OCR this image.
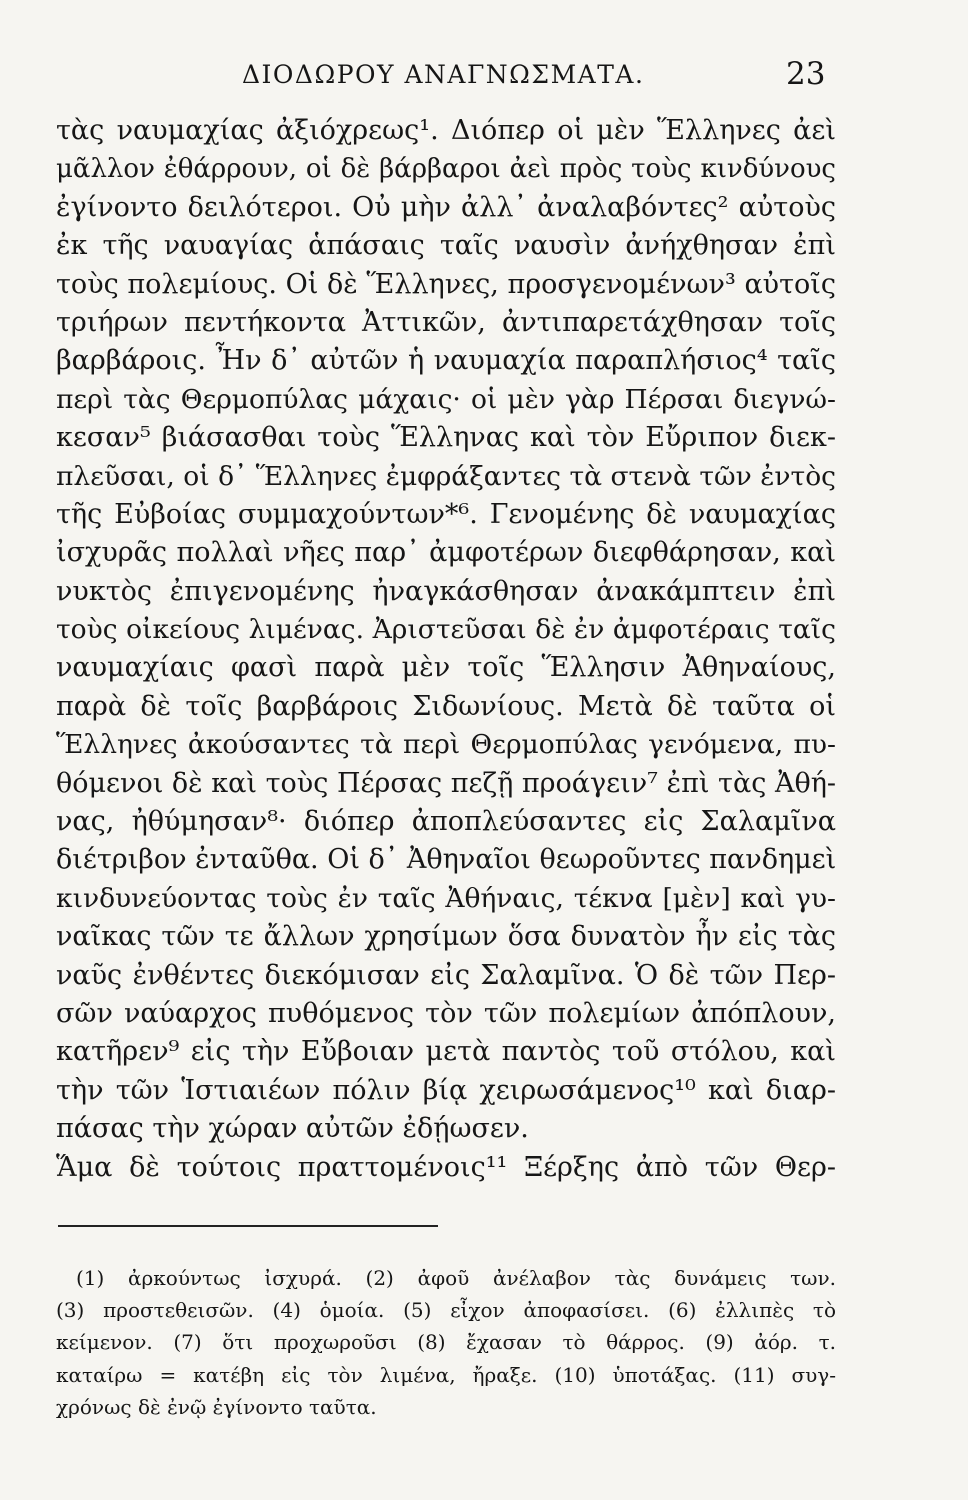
ΔΙΟΔΩΡΟΥ ΑΝΑΓΝΩΣΜΑΤΑ.	23
τὰς ναυμαχίας ἀξιόχρεως¹. Διόπερ οἱ μὲν Ἕλληνες ἀεὶ
μᾶλλον ἐθάρρουν, οἱ δὲ βάρβαροι ἀεὶ πρὸς τοὺς κινδύνους
ἐγίνοντο δειλότεροι. Οὐ μὴν ἀλλ᾽ ἀναλαβόντες² αὐτοὺς
ἐκ τῆς ναυαγίας ἁπάσαις ταῖς ναυσὶν ἀνήχθησαν ἐπὶ
τοὺς πολεμίους. Οἱ δὲ Ἕλληνες, προσγενομένων³ αὐτοῖς
τριήρων πεντήκοντα Ἀττικῶν, ἀντιπαρετάχθησαν τοῖς
βαρβάροις. Ἦν δ᾽ αὐτῶν ἡ ναυμαχία παραπλήσιος⁴ ταῖς
περὶ τὰς Θερμοπύλας μάχαις· οἱ μὲν γὰρ Πέρσαι διεγνώ-
κεσαν⁵ βιάσασθαι τοὺς Ἕλληνας καὶ τὸν Εὔριπον διεκ-
πλεῦσαι, οἱ δ᾽ Ἕλληνες ἐμφράξαντες τὰ στενὰ τῶν ἐντὸς
τῆς Εὐβοίας συμμαχούντων*⁶. Γενομένης δὲ ναυμαχίας
ἰσχυρᾶς πολλαὶ νῆες παρ᾽ ἀμφοτέρων διεφθάρησαν, καὶ
νυκτὸς ἐπιγενομένης ἠναγκάσθησαν ἀνακάμπτειν ἐπὶ
τοὺς οἰκείους λιμένας. Ἀριστεῦσαι δὲ ἐν ἀμφοτέραις ταῖς
ναυμαχίαις φασὶ παρὰ μὲν τοῖς Ἕλλησιν Ἀθηναίους,
παρὰ δὲ τοῖς βαρβάροις Σιδωνίους. Μετὰ δὲ ταῦτα οἱ
Ἕλληνες ἀκούσαντες τὰ περὶ Θερμοπύλας γενόμενα, πυ-
θόμενοι δὲ καὶ τοὺς Πέρσας πεζῇ προάγειν⁷ ἐπὶ τὰς Ἀθή-
νας, ἠθύμησαν⁸· διόπερ ἀποπλεύσαντες εἰς Σαλαμῖνα
διέτριβον ἐνταῦθα. Οἱ δ᾽ Ἀθηναῖοι θεωροῦντες πανδημεὶ
κινδυνεύοντας τοὺς ἐν ταῖς Ἀθήναις, τέκνα [μὲν] καὶ γυ-
ναῖκας τῶν τε ἄλλων χρησίμων ὅσα δυνατὸν ἦν εἰς τὰς
ναῦς ἐνθέντες διεκόμισαν εἰς Σαλαμῖνα. Ὁ δὲ τῶν Περ-
σῶν ναύαρχος πυθόμενος τὸν τῶν πολεμίων ἀπόπλουν,
κατῆρεν⁹ εἰς τὴν Εὔβοιαν μετὰ παντὸς τοῦ στόλου, καὶ
τὴν τῶν Ἱστιαιέων πόλιν βίᾳ χειρωσάμενος¹⁰ καὶ διαρ-
πάσας τὴν χώραν αὐτῶν ἐδῄωσεν.
Ἅμα δὲ τούτοις πραττομένοις¹¹ Ξέρξης ἀπὸ τῶν Θερ-
(1) ἀρκούντως ἰσχυρά. (2) ἀφοῦ ἀνέλαβον τὰς δυνάμεις των.
(3) προστεθεισῶν. (4) ὁμοία. (5) εἶχον ἀποφασίσει. (6) ἐλλιπὲς τὸ
κείμενον. (7) ὅτι προχωροῦσι (8) ἔχασαν τὸ θάρρος. (9) ἀόρ. τ.
καταίρω = κατέβη εἰς τὸν λιμένα, ἤραξε. (10) ὑποτάξας. (11) συγ-
χρόνως δὲ ἐνῷ ἐγίνοντο ταῦτα.
